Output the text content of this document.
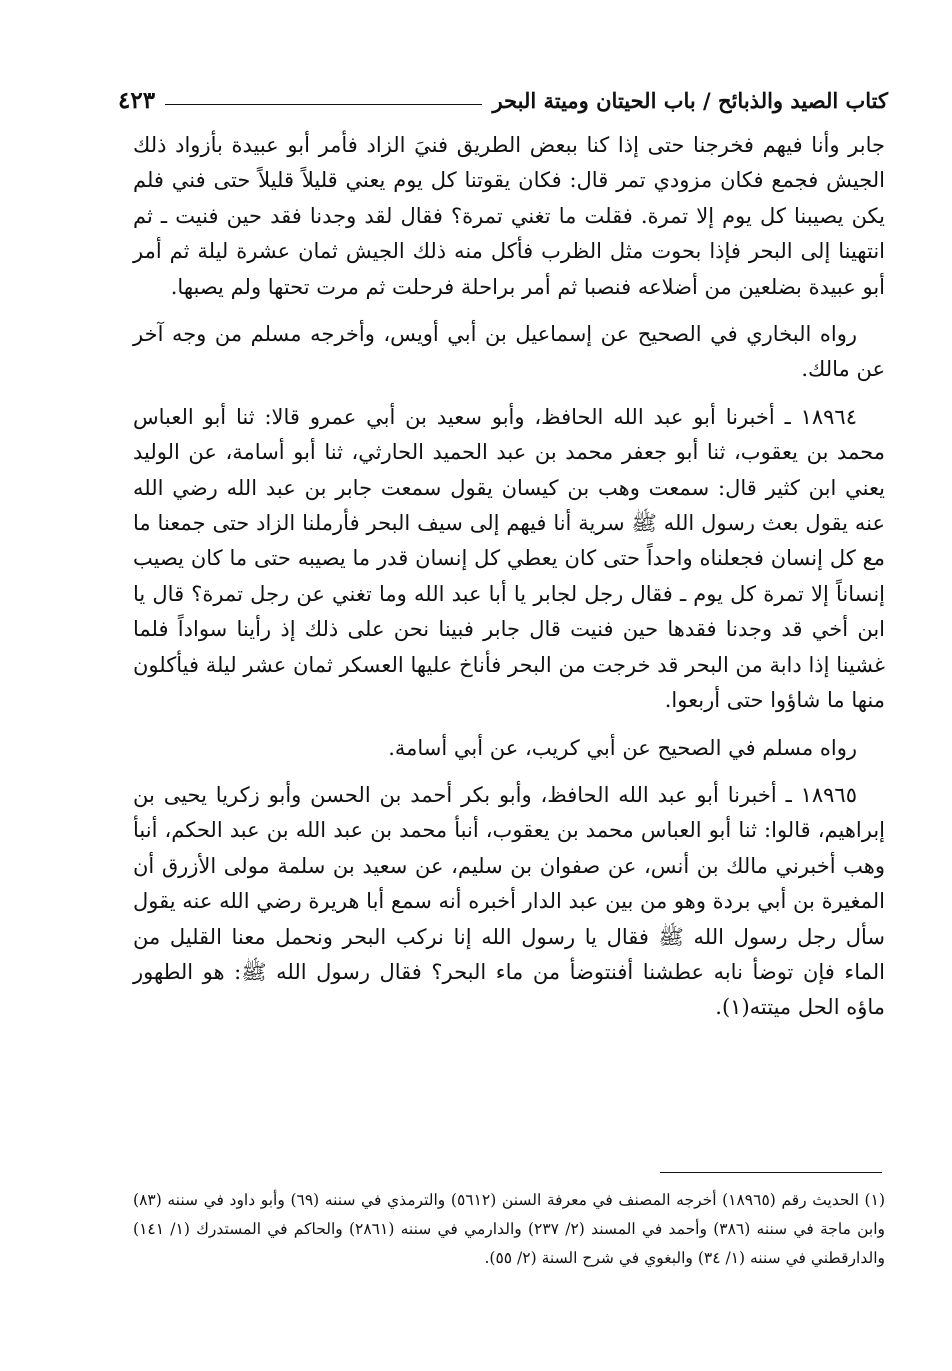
كتاب الصيد والذبائح / باب الحيتان وميتة البحر
٤٢٣

جابر وأنا فيهم فخرجنا حتى إذا كنا ببعض الطريق فنيَ الزاد فأمر أبو عبيدة بأزواد ذلك الجيش فجمع فكان مزودي تمر قال: فكان يقوتنا كل يوم يعني قليلاً قليلاً حتى فني فلم يكن يصيبنا كل يوم إلا تمرة. فقلت ما تغني تمرة؟ فقال لقد وجدنا فقد حين فنيت ـ ثم انتهينا إلى البحر فإذا بحوت مثل الظرب فأكل منه ذلك الجيش ثمان عشرة ليلة ثم أمر أبو عبيدة بضلعين من أضلاعه فنصبا ثم أمر براحلة فرحلت ثم مرت تحتها ولم يصبها.

رواه البخاري في الصحيح عن إسماعيل بن أبي أويس، وأخرجه مسلم من وجه آخر عن مالك.

١٨٩٦٤ ـ أخبرنا أبو عبد الله الحافظ، وأبو سعيد بن أبي عمرو قالا: ثنا أبو العباس محمد بن يعقوب، ثنا أبو جعفر محمد بن عبد الحميد الحارثي، ثنا أبو أسامة، عن الوليد يعني ابن كثير قال: سمعت وهب بن كيسان يقول سمعت جابر بن عبد الله رضي الله عنه يقول بعث رسول الله ﷺ سرية أنا فيهم إلى سيف البحر فأرملنا الزاد حتى جمعنا ما مع كل إنسان فجعلناه واحداً حتى كان يعطي كل إنسان قدر ما يصيبه حتى ما كان يصيب إنساناً إلا تمرة كل يوم ـ فقال رجل لجابر يا أبا عبد الله وما تغني عن رجل تمرة؟ قال يا ابن أخي قد وجدنا فقدها حين فنيت قال جابر فبينا نحن على ذلك إذ رأينا سواداً فلما غشينا إذا دابة من البحر قد خرجت من البحر فأناخ عليها العسكر ثمان عشر ليلة فيأكلون منها ما شاؤوا حتى أربعوا.

رواه مسلم في الصحيح عن أبي كريب، عن أبي أسامة.

١٨٩٦٥ ـ أخبرنا أبو عبد الله الحافظ، وأبو بكر أحمد بن الحسن وأبو زكريا يحيى بن إبراهيم، قالوا: ثنا أبو العباس محمد بن يعقوب، أنبأ محمد بن عبد الله بن عبد الحكم، أنبأ وهب أخبرني مالك بن أنس، عن صفوان بن سليم، عن سعيد بن سلمة مولى الأزرق أن المغيرة بن أبي بردة وهو من بين عبد الدار أخبره أنه سمع أبا هريرة رضي الله عنه يقول سأل رجل رسول الله ﷺ فقال يا رسول الله إنا نركب البحر ونحمل معنا القليل من الماء فإن توضأ نابه عطشنا أفنتوضأ من ماء البحر؟ فقال رسول الله ﷺ: هو الطهور ماؤه الحل ميتته(١).

(١) الحديث رقم (١٨٩٦٥) أخرجه المصنف في معرفة السنن (٥٦١٢) والترمذي في سننه (٦٩) وأبو داود في سننه (٨٣) وابن ماجة في سننه (٣٨٦) وأحمد في المسند (٢/ ٢٣٧) والدارمي في سننه (٢٨٦١) والحاكم في المستدرك (١/ ١٤١) والدارقطني في سننه (١/ ٣٤) والبغوي في شرح السنة (٢/ ٥٥).
